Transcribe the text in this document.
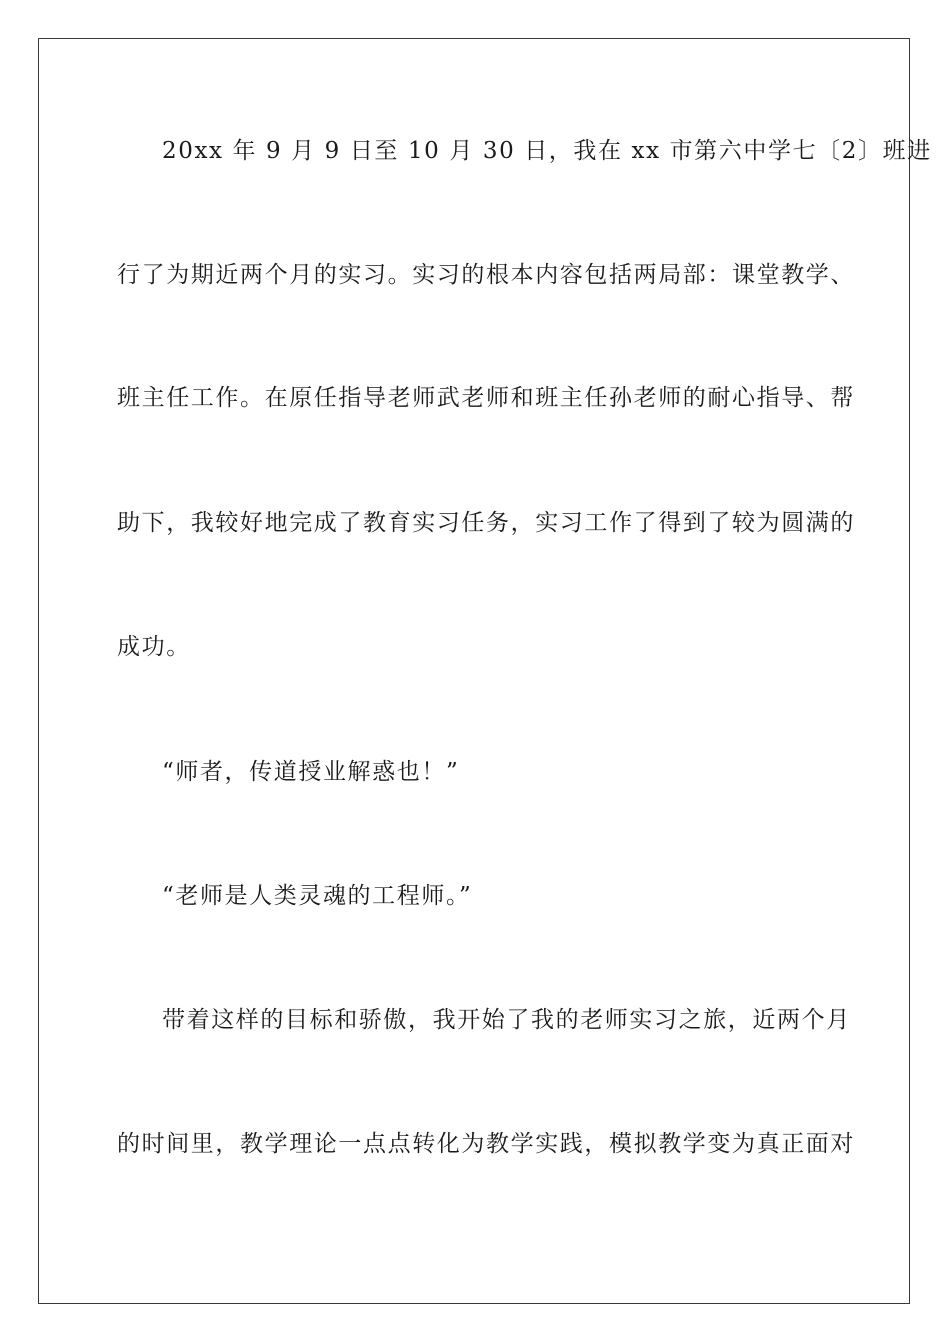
20xx 年 9 月 9 日至 10 月 30 日，我在 xx 市第六中学七〔2〕班进
行了为期近两个月的实习。实习的根本内容包括两局部：课堂教学、
班主任工作。在原任指导老师武老师和班主任孙老师的耐心指导、帮
助下，我较好地完成了教育实习任务，实习工作了得到了较为圆满的
成功。
“师者，传道授业解惑也！”
“老师是人类灵魂的工程师。”
带着这样的目标和骄傲，我开始了我的老师实习之旅，近两个月
的时间里，教学理论一点点转化为教学实践，模拟教学变为真正面对
